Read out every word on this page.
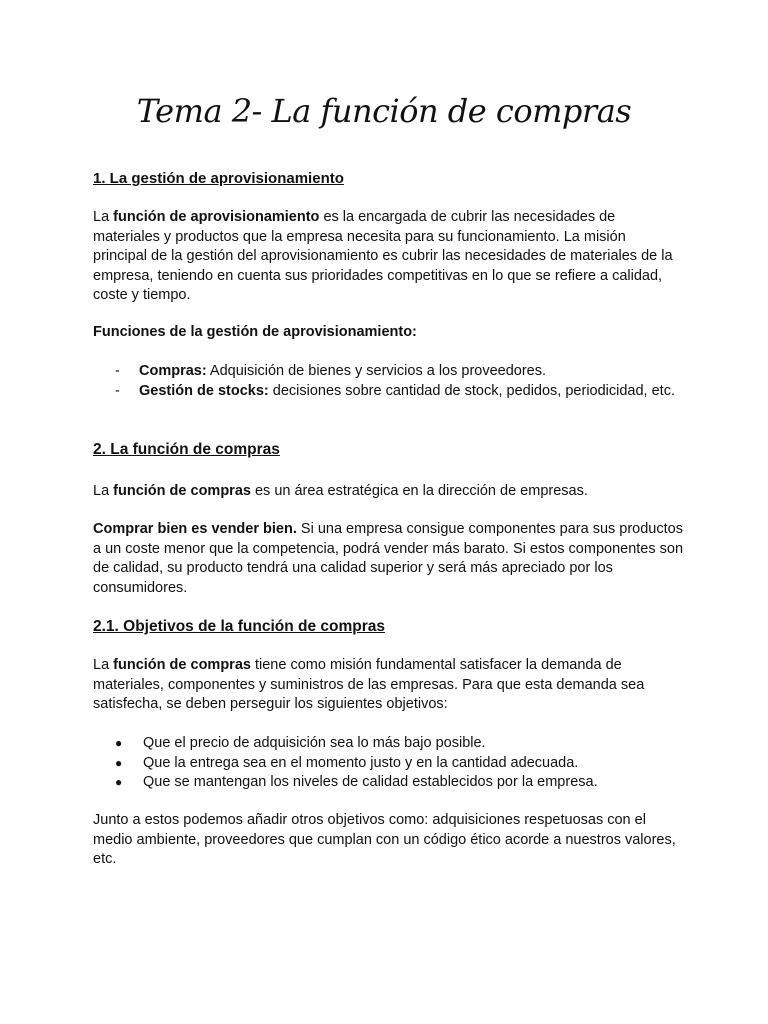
Tema 2- La función de compras
1. La gestión de aprovisionamiento
La función de aprovisionamiento es la encargada de cubrir las necesidades de materiales y productos que la empresa necesita para su funcionamiento. La misión principal de la gestión del aprovisionamiento es cubrir las necesidades de materiales de la empresa, teniendo en cuenta sus prioridades competitivas en lo que se refiere a calidad, coste y tiempo.
Funciones de la gestión de aprovisionamiento:
- Compras: Adquisición de bienes y servicios a los proveedores.
- Gestión de stocks: decisiones sobre cantidad de stock, pedidos, periodicidad, etc.
2. La función de compras
La función de compras es un área estratégica en la dirección de empresas.
Comprar bien es vender bien. Si una empresa consigue componentes para sus productos a un coste menor que la competencia, podrá vender más barato. Si estos componentes son de calidad, su producto tendrá una calidad superior y será más apreciado por los consumidores.
2.1. Objetivos de la función de compras
La función de compras tiene como misión fundamental satisfacer la demanda de materiales, componentes y suministros de las empresas. Para que esta demanda sea satisfecha, se deben perseguir los siguientes objetivos:
● Que el precio de adquisición sea lo más bajo posible.
● Que la entrega sea en el momento justo y en la cantidad adecuada.
● Que se mantengan los niveles de calidad establecidos por la empresa.
Junto a estos podemos añadir otros objetivos como: adquisiciones respetuosas con el medio ambiente, proveedores que cumplan con un código ético acorde a nuestros valores, etc.
